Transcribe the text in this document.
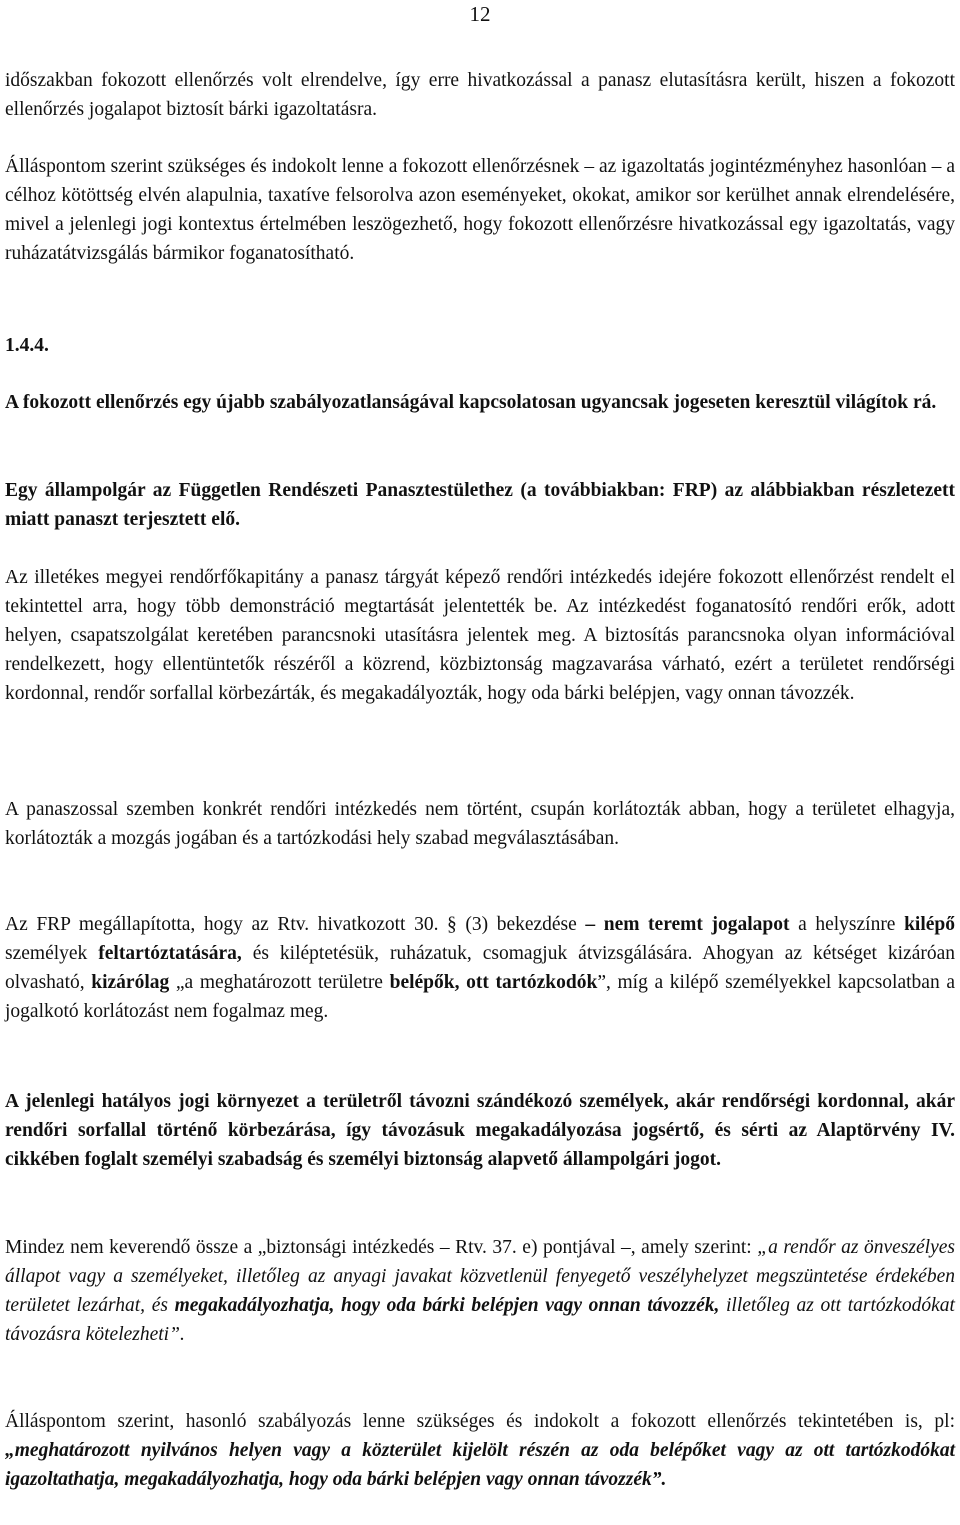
12

időszakban fokozott ellenőrzés volt elrendelve, így erre hivatkozással a panasz elutasításra került, hiszen a fokozott ellenőrzés jogalapot biztosít bárki igazoltatásra.

Álláspontom szerint szükséges és indokolt lenne a fokozott ellenőrzésnek – az igazoltatás jogintézményhez hasonlóan – a célhoz kötöttség elvén alapulnia, taxatíve felsorolva azon eseményeket, okokat, amikor sor kerülhet annak elrendelésére, mivel a jelenlegi jogi kontextus értelmében leszögezhető, hogy fokozott ellenőrzésre hivatkozással egy igazoltatás, vagy ruházatátvizsgálás bármikor foganatosítható.

1.4.4.

A fokozott ellenőrzés egy újabb szabályozatlanságával kapcsolatosan ugyancsak jogeseten keresztül világítok rá.

Egy állampolgár az Független Rendészeti Panasztestülethez (a továbbiakban: FRP) az alábbiakban részletezett miatt panaszt terjesztett elő.

Az illetékes megyei rendőrfőkapitány a panasz tárgyát képező rendőri intézkedés idejére fokozott ellenőrzést rendelt el tekintettel arra, hogy több demonstráció megtartását jelentették be. Az intézkedést foganatosító rendőri erők, adott helyen, csapatszolgálat keretében parancsnoki utasításra jelentek meg. A biztosítás parancsnoka olyan információval rendelkezett, hogy ellentüntetők részéről a közrend, közbiztonság magzavarása várható, ezért a területet rendőrségi kordonnal, rendőr sorfallal körbezárták, és megakadályozták, hogy oda bárki belépjen, vagy onnan távozzék.

A panaszossal szemben konkrét rendőri intézkedés nem történt, csupán korlátozták abban, hogy a területet elhagyja, korlátozták a mozgás jogában és a tartózkodási hely szabad megválasztásában.

Az FRP megállapította, hogy az Rtv. hivatkozott 30. § (3) bekezdése – nem teremt jogalapot a helyszínre kilépő személyek feltartóztatására, és kiléptetésük, ruházatuk, csomagjuk átvizsgálására. Ahogyan az kétséget kizáróan olvasható, kizárólag „a meghatározott területre belépők, ott tartózkodók”, míg a kilépő személyekkel kapcsolatban a jogalkotó korlátozást nem fogalmaz meg.

A jelenlegi hatályos jogi környezet a területről távozni szándékozó személyek, akár rendőrségi kordonnal, akár rendőri sorfallal történő körbezárása, így távozásuk megakadályozása jogsértő, és sérti az Alaptörvény IV. cikkében foglalt személyi szabadság és személyi biztonság alapvető állampolgári jogot.

Mindez nem keverendő össze a „biztonsági intézkedés – Rtv. 37. e) pontjával –, amely szerint: „a rendőr az önveszélyes állapot vagy a személyeket, illetőleg az anyagi javakat közvetlenül fenyegető veszélyhelyzet megszüntetése érdekében területet lezárhat, és megakadályozhatja, hogy oda bárki belépjen vagy onnan távozzék, illetőleg az ott tartózkodókat távozásra kötelezheti”.

Álláspontom szerint, hasonló szabályozás lenne szükséges és indokolt a fokozott ellenőrzés tekintetében is, pl: „meghatározott nyilvános helyen vagy a közterület kijelölt részén az oda belépőket vagy az ott tartózkodókat igazoltathatja, megakadályozhatja, hogy oda bárki belépjen vagy onnan távozzék”.
